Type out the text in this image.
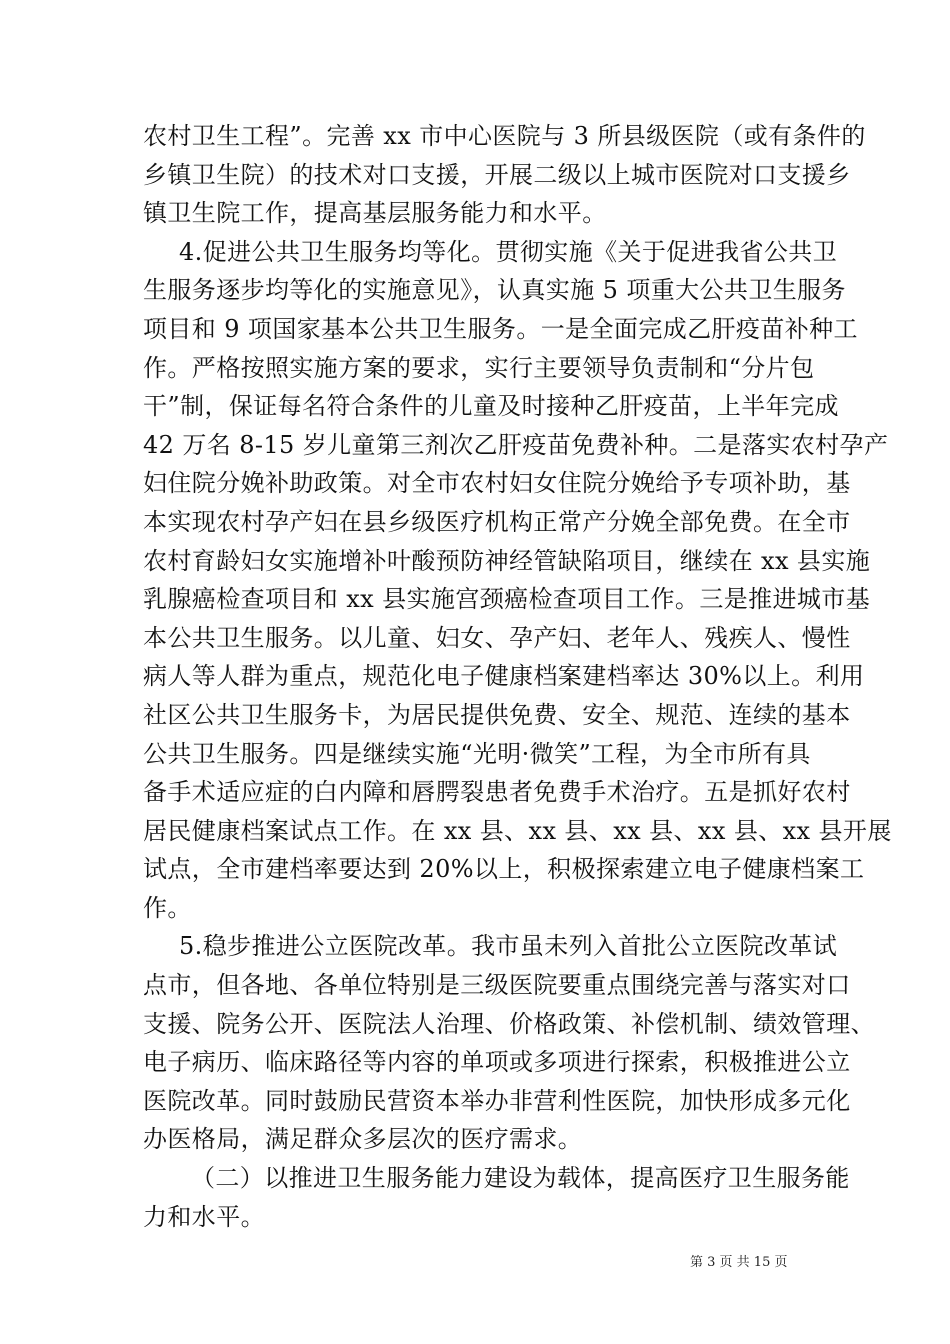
农村卫生工程”。完善 xx 市中心医院与 3 所县级医院（或有条件的
乡镇卫生院）的技术对口支援，开展二级以上城市医院对口支援乡
镇卫生院工作，提高基层服务能力和水平。
4.促进公共卫生服务均等化。贯彻实施《关于促进我省公共卫
生服务逐步均等化的实施意见》，认真实施 5 项重大公共卫生服务
项目和 9 项国家基本公共卫生服务。一是全面完成乙肝疫苗补种工
作。严格按照实施方案的要求，实行主要领导负责制和“分片包
干”制，保证每名符合条件的儿童及时接种乙肝疫苗，上半年完成
42 万名 8-15 岁儿童第三剂次乙肝疫苗免费补种。二是落实农村孕产
妇住院分娩补助政策。对全市农村妇女住院分娩给予专项补助，基
本实现农村孕产妇在县乡级医疗机构正常产分娩全部免费。在全市
农村育龄妇女实施增补叶酸预防神经管缺陷项目，继续在 xx 县实施
乳腺癌检查项目和 xx 县实施宫颈癌检查项目工作。三是推进城市基
本公共卫生服务。以儿童、妇女、孕产妇、老年人、残疾人、慢性
病人等人群为重点，规范化电子健康档案建档率达 30%以上。利用
社区公共卫生服务卡，为居民提供免费、安全、规范、连续的基本
公共卫生服务。四是继续实施“光明·微笑”工程，为全市所有具
备手术适应症的白内障和唇腭裂患者免费手术治疗。五是抓好农村
居民健康档案试点工作。在 xx 县、xx 县、xx 县、xx 县、xx 县开展
试点，全市建档率要达到 20%以上，积极探索建立电子健康档案工
作。
5.稳步推进公立医院改革。我市虽未列入首批公立医院改革试
点市，但各地、各单位特别是三级医院要重点围绕完善与落实对口
支援、院务公开、医院法人治理、价格政策、补偿机制、绩效管理、
电子病历、临床路径等内容的单项或多项进行探索，积极推进公立
医院改革。同时鼓励民营资本举办非营利性医院，加快形成多元化
办医格局，满足群众多层次的医疗需求。
（二）以推进卫生服务能力建设为载体，提高医疗卫生服务能
力和水平。
第 3 页 共 15 页
